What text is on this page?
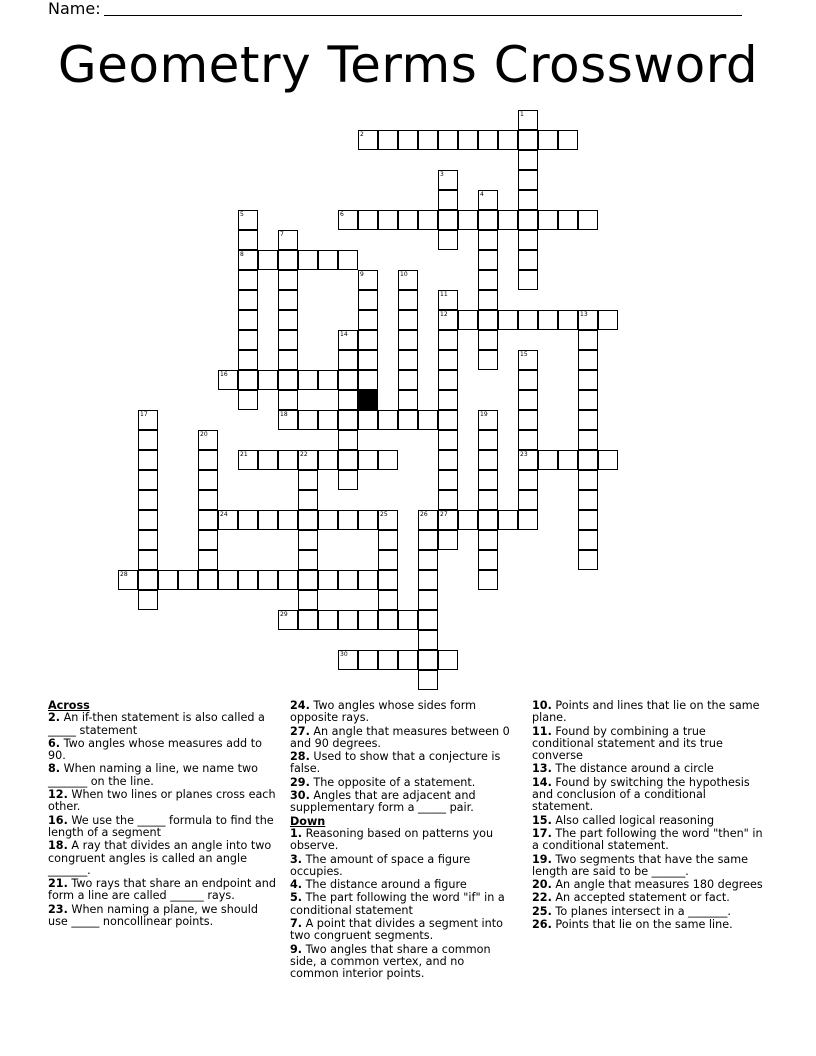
Name:
Geometry Terms Crossword
1
2
3
4
5
8
6
7
9	10
11
12
27
13
14
15
23
16
17	18	19
20
21	22
24	25	26
28
29
30
Across
2. An if-then statement is also called a _____ statement
6. Two angles whose measures add to 90.
8. When naming a line, we name two _______ on the line.
12. When two lines or planes cross each other.
16. We use the _____ formula to find the length of a segment
18. A ray that divides an angle into two congruent angles is called an angle _______.
21. Two rays that share an endpoint and form a line are called ______ rays.
23. When naming a plane, we should use _____ noncollinear points.
24. Two angles whose sides form opposite rays.
27. An angle that measures between 0 and 90 degrees.
28. Used to show that a conjecture is false.
29. The opposite of a statement.
30. Angles that are adjacent and supplementary form a _____ pair.
Down
1. Reasoning based on patterns you observe.
3. The amount of space a figure occupies.
4. The distance around a figure
5. The part following the word "if" in a conditional statement
7. A point that divides a segment into two congruent segments.
9. Two angles that share a common side, a common vertex, and no common interior points.
10. Points and lines that lie on the same plane.
11. Found by combining a true conditional statement and its true converse
13. The distance around a circle
14. Found by switching the hypothesis and conclusion of a conditional statement.
15. Also called logical reasoning
17. The part following the word "then" in a conditional statement.
19. Two segments that have the same length are said to be ______.
20. An angle that measures 180 degrees
22. An accepted statement or fact.
25. To planes intersect in a _______.
26. Points that lie on the same line.
